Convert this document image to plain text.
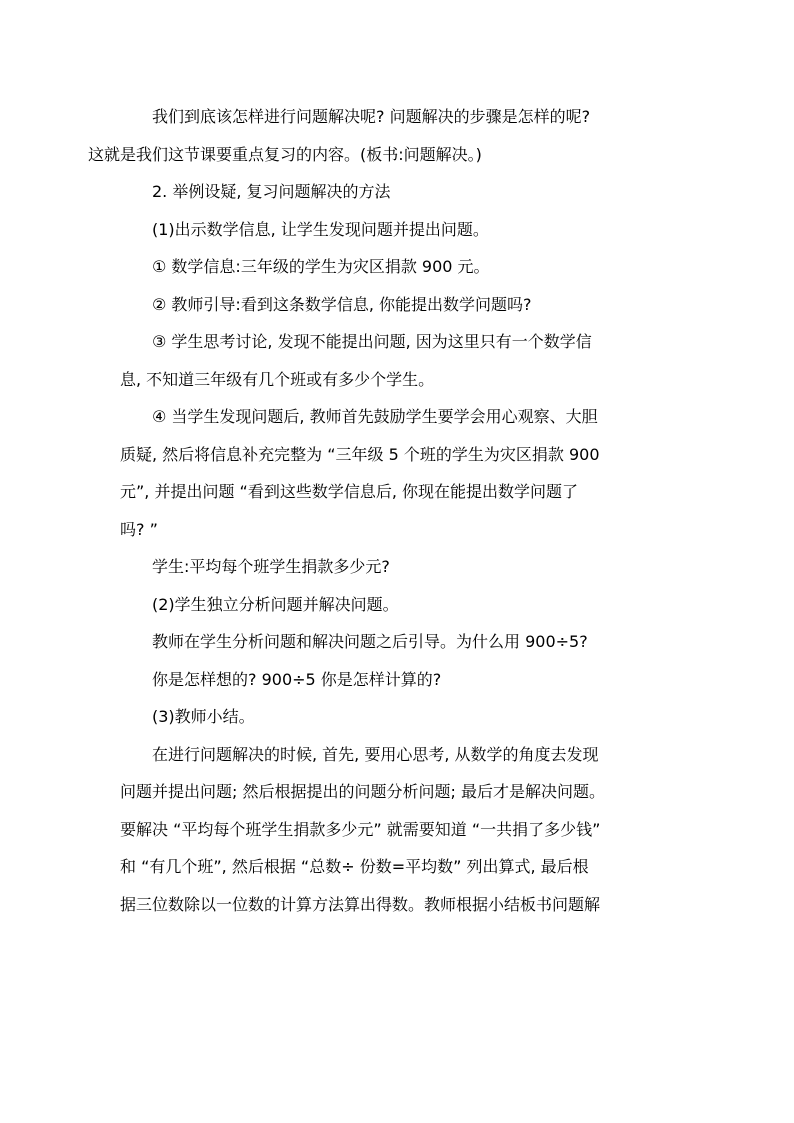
我们到底该怎样进行问题解决呢? 问题解决的步骤是怎样的呢?
这就是我们这节课要重点复习的内容。(板书:问题解决。)
2. 举例设疑, 复习问题解决的方法
(1)出示数学信息, 让学生发现问题并提出问题。
① 数学信息:三年级的学生为灾区捐款 900 元。
② 教师引导:看到这条数学信息, 你能提出数学问题吗?
③ 学生思考讨论, 发现不能提出问题, 因为这里只有一个数学信
息, 不知道三年级有几个班或有多少个学生。
④ 当学生发现问题后, 教师首先鼓励学生要学会用心观察、大胆
质疑, 然后将信息补充完整为 “三年级 5 个班的学生为灾区捐款 900
元”, 并提出问题 “看到这些数学信息后, 你现在能提出数学问题了
吗? ”
学生:平均每个班学生捐款多少元?
(2)学生独立分析问题并解决问题。
教师在学生分析问题和解决问题之后引导。为什么用 900÷5?
你是怎样想的? 900÷5 你是怎样计算的?
(3)教师小结。
在进行问题解决的时候, 首先, 要用心思考, 从数学的角度去发现
问题并提出问题; 然后根据提出的问题分析问题; 最后才是解决问题。
要解决 “平均每个班学生捐款多少元” 就需要知道 “一共捐了多少钱”
和 “有几个班”, 然后根据 “总数÷ 份数=平均数” 列出算式, 最后根
据三位数除以一位数的计算方法算出得数。教师根据小结板书问题解
